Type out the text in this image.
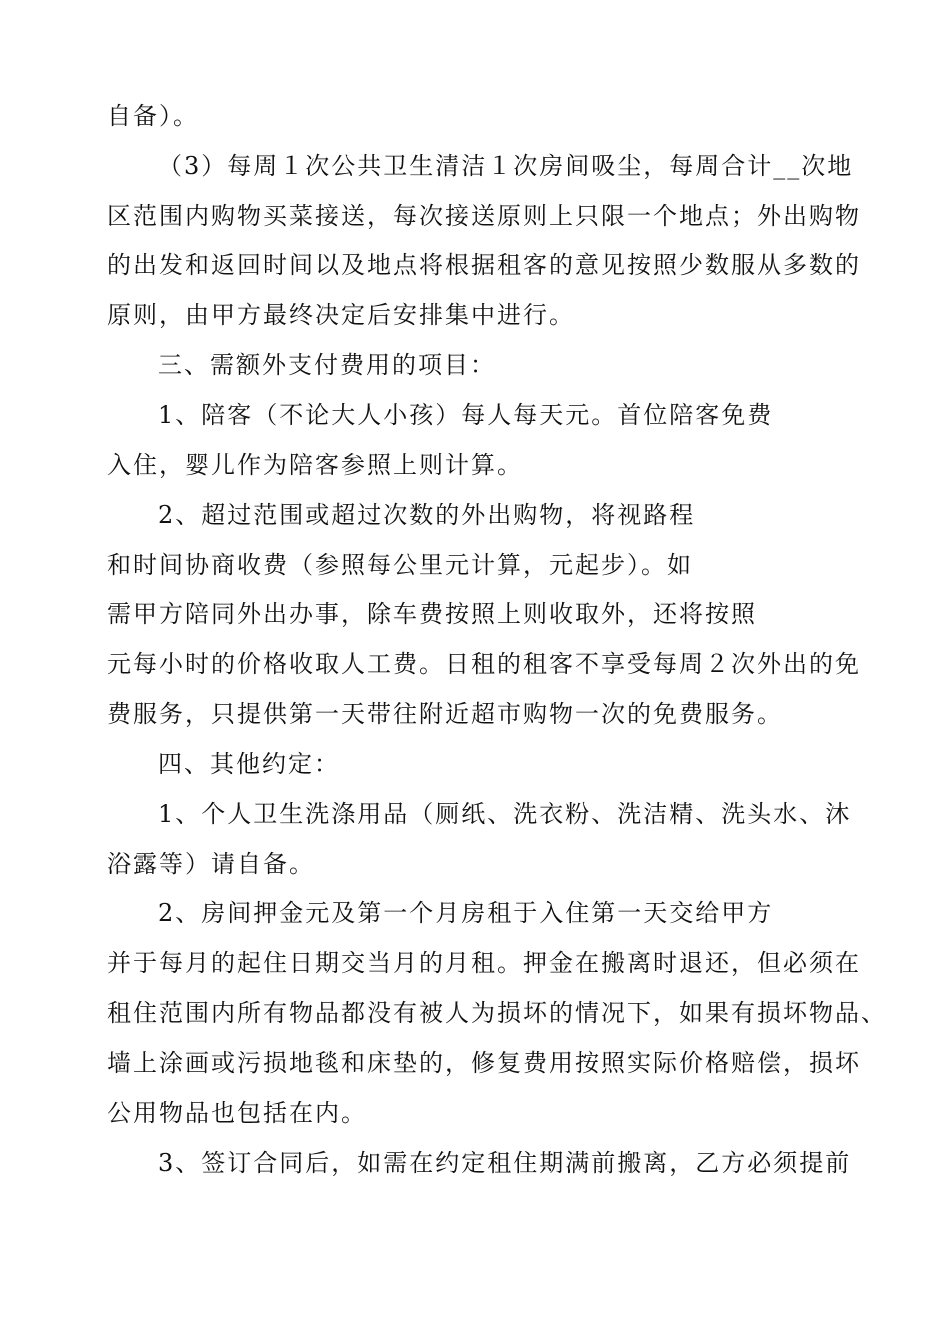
自备）。
（3）每周１次公共卫生清洁１次房间吸尘，每周合计__次地
区范围内购物买菜接送，每次接送原则上只限一个地点；外出购物
的出发和返回时间以及地点将根据租客的意见按照少数服从多数的
原则，由甲方最终决定后安排集中进行。
三、需额外支付费用的项目：
1、陪客（不论大人小孩）每人每天元。首位陪客免费
入住，婴儿作为陪客参照上则计算。
2、超过范围或超过次数的外出购物，将视路程
和时间协商收费（参照每公里元计算，元起步）。如
需甲方陪同外出办事，除车费按照上则收取外，还将按照
元每小时的价格收取人工费。日租的租客不享受每周２次外出的免
费服务，只提供第一天带往附近超市购物一次的免费服务。
四、其他约定：
1、个人卫生洗涤用品（厕纸、洗衣粉、洗洁精、洗头水、沐
浴露等）请自备。
2、房间押金元及第一个月房租于入住第一天交给甲方
并于每月的起住日期交当月的月租。押金在搬离时退还，但必须在
租住范围内所有物品都没有被人为损坏的情况下，如果有损坏物品、
墙上涂画或污损地毯和床垫的，修复费用按照实际价格赔偿，损坏
公用物品也包括在内。
3、签订合同后，如需在约定租住期满前搬离，乙方必须提前
